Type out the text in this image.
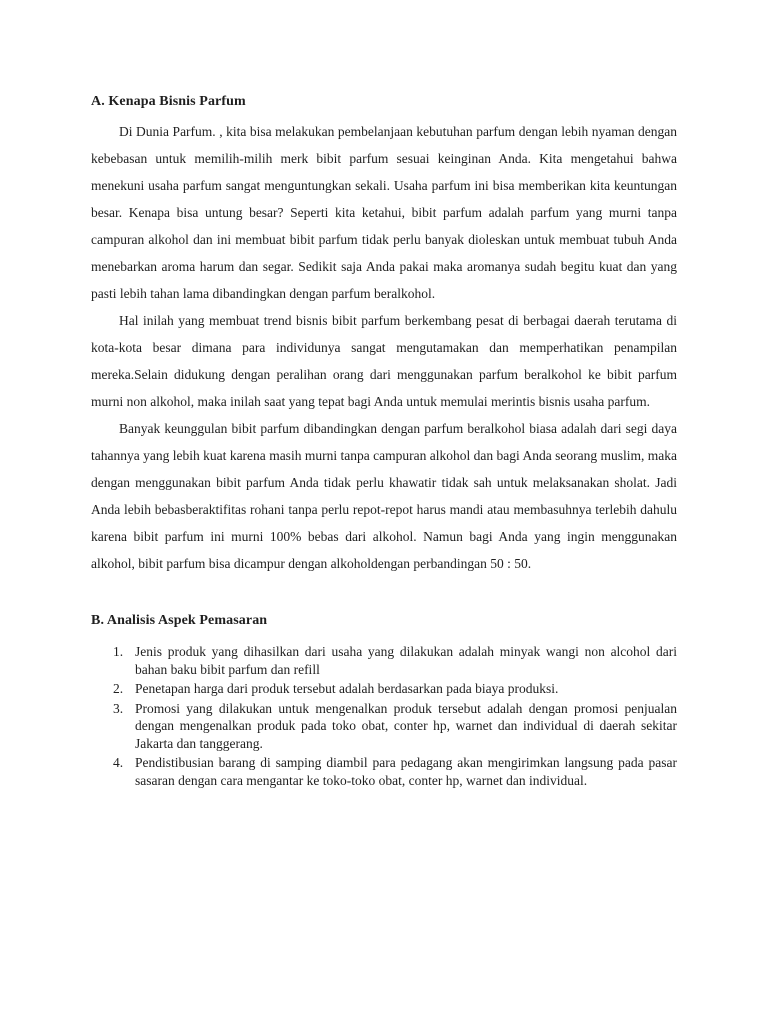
A. Kenapa Bisnis Parfum

Di Dunia Parfum. , kita bisa melakukan pembelanjaan kebutuhan parfum dengan lebih nyaman dengan kebebasan untuk memilih-milih merk bibit parfum sesuai keinginan Anda. Kita mengetahui bahwa menekuni usaha parfum sangat menguntungkan sekali. Usaha parfum ini bisa memberikan kita keuntungan besar. Kenapa bisa untung besar? Seperti kita ketahui, bibit parfum adalah parfum yang murni tanpa campuran alkohol dan ini membuat bibit parfum tidak perlu banyak dioleskan untuk membuat tubuh Anda menebarkan aroma harum dan segar. Sedikit saja Anda pakai maka aromanya sudah begitu kuat dan yang pasti lebih tahan lama dibandingkan dengan parfum beralkohol.

Hal inilah yang membuat trend bisnis bibit parfum berkembang pesat di berbagai daerah terutama di kota-kota besar dimana para individunya sangat mengutamakan dan memperhatikan penampilan mereka.Selain didukung dengan peralihan orang dari menggunakan parfum beralkohol ke bibit parfum murni non alkohol, maka inilah saat yang tepat bagi Anda untuk memulai merintis bisnis usaha parfum.

Banyak keunggulan bibit parfum dibandingkan dengan parfum beralkohol biasa adalah dari segi daya tahannya yang lebih kuat karena masih murni tanpa campuran alkohol dan bagi Anda seorang muslim, maka dengan menggunakan bibit parfum Anda tidak perlu khawatir tidak sah untuk melaksanakan sholat. Jadi Anda lebih bebasberaktifitas rohani tanpa perlu repot-repot harus mandi atau membasuhnya terlebih dahulu karena bibit parfum ini murni 100% bebas dari alkohol. Namun bagi Anda yang ingin menggunakan alkohol, bibit parfum bisa dicampur dengan alkoholdengan perbandingan 50 : 50.

B. Analisis Aspek Pemasaran
1. Jenis produk yang dihasilkan dari usaha yang dilakukan adalah minyak wangi non alcohol dari bahan baku bibit parfum dan refill
2. Penetapan harga dari produk tersebut adalah berdasarkan pada biaya produksi.
3. Promosi yang dilakukan untuk mengenalkan produk tersebut adalah dengan promosi penjualan dengan mengenalkan produk pada toko obat, conter hp, warnet dan individual di daerah sekitar Jakarta dan tanggerang.
4. Pendistibusian barang di samping diambil para pedagang akan mengirimkan langsung pada pasar sasaran dengan cara mengantar ke toko-toko obat, conter hp, warnet dan individual.
